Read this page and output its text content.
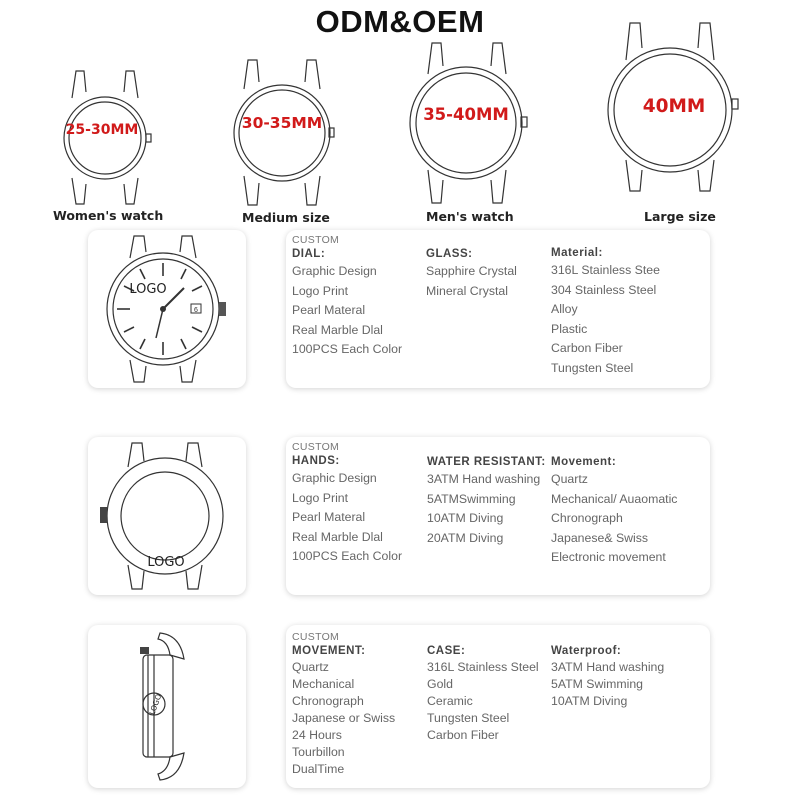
ODM&OEM
25-30MM	30-35MM	35-40MM	40MM
Women's watch	Medium size	Men's watch	Large size
6
LOGO
CUSTOM
DIAL:
Graphic Design
Logo Print
Pearl Materal
Real Marble Dlal
100PCS Each Color
GLASS:
Sapphire Crystal
Mineral Crystal
Material:
316L Stainless Stee
304 Stainless Steel
Alloy
Plastic
Carbon Fiber
Tungsten Steel
LOGO
CUSTOM
HANDS:
Graphic Design
Logo Print
Pearl Materal
Real Marble Dlal
100PCS Each Color
WATER RESISTANT:
3ATM Hand washing
5ATMSwimming
10ATM Diving
20ATM Diving
Movement:
Quartz
Mechanical/ Auaomatic
Chronograph
Japanese& Swiss
Electronic movement
LOGO
CUSTOM
MOVEMENT:
Quartz
Mechanical
Chronograph
Japanese or Swiss
24 Hours
Tourbillon
DualTime
CASE:
316L Stainless Steel
Gold
Ceramic
Tungsten Steel
Carbon Fiber
Waterproof:
3ATM Hand washing
5ATM Swimming
10ATM Diving
